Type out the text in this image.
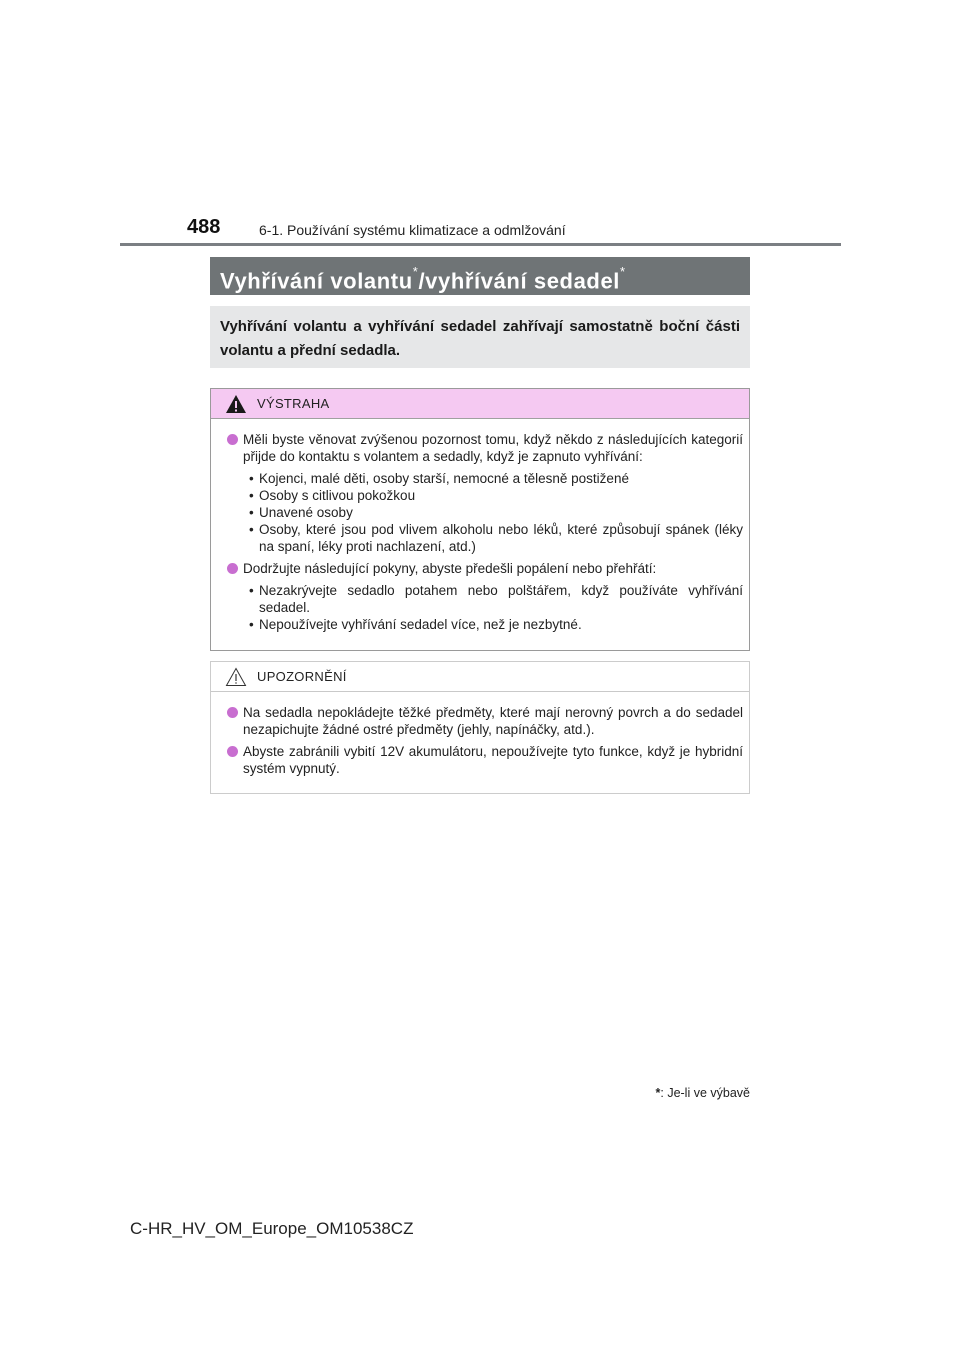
488	6-1. Používání systému klimatizace a odmlžování
Vyhřívání volantu*/vyhřívání sedadel*
Vyhřívání volantu a vyhřívání sedadel zahřívají samostatně boční části volantu a přední sedadla.
VÝSTRAHA
Měli byste věnovat zvýšenou pozornost tomu, když někdo z následujících kategorií přijde do kontaktu s volantem a sedadly, když je zapnuto vyhřívání:
• Kojenci, malé děti, osoby starší, nemocné a tělesně postižené
• Osoby s citlivou pokožkou
• Unavené osoby
• Osoby, které jsou pod vlivem alkoholu nebo léků, které způsobují spánek (léky na spaní, léky proti nachlazení, atd.)
Dodržujte následující pokyny, abyste předešli popálení nebo přehřátí:
• Nezakrývejte sedadlo potahem nebo polštářem, když používáte vyhřívání sedadel.
• Nepoužívejte vyhřívání sedadel více, než je nezbytné.
UPOZORNĚNÍ
Na sedadla nepokládejte těžké předměty, které mají nerovný povrch a do sedadel nezapichujte žádné ostré předměty (jehly, napínáčky, atd.).
Abyste zabránili vybití 12V akumulátoru, nepoužívejte tyto funkce, když je hybridní systém vypnutý.
*: Je-li ve výbavě
C-HR_HV_OM_Europe_OM10538CZ
